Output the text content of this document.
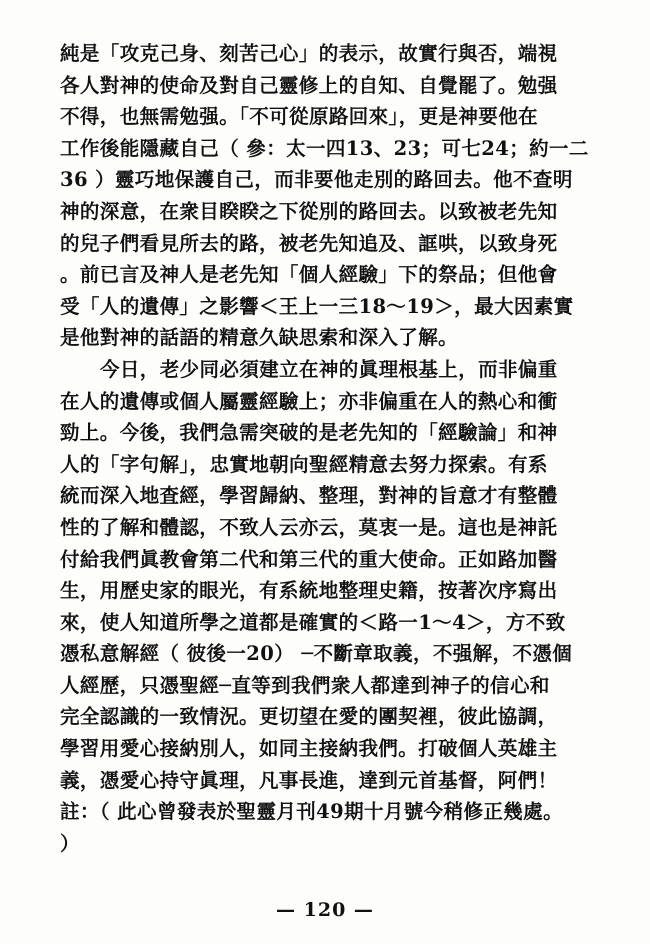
純是「攻克己身、刻苦己心」的表示，故實行與否，端視
各人對神的使命及對自己靈修上的自知、自覺罷了。勉强
不得，也無需勉强。「不可從原路回來」，更是神要他在
工作後能隱藏自己（ 參：太一四13、23；可七24；約一二
36 ）靈巧地保護自己，而非要他走別的路回去。他不查明
神的深意，在衆目睽睽之下從別的路回去。以致被老先知
的兒子們看見所去的路，被老先知追及、誆哄，以致身死
。前已言及神人是老先知「個人經驗」下的祭品；但他會
受「人的遺傳」之影響＜王上一三18～19＞，最大因素實
是他對神的話語的精意久缺思索和深入了解。
今日，老少同必須建立在神的眞理根基上，而非偏重
在人的遺傳或個人屬靈經驗上；亦非偏重在人的熱心和衝
勁上。今後，我們急需突破的是老先知的「經驗論」和神
人的「字句解」，忠實地朝向聖經精意去努力探索。有系
統而深入地査經，學習歸納、整理，對神的旨意才有整體
性的了解和體認，不致人云亦云，莫衷一是。這也是神託
付給我們眞教會第二代和第三代的重大使命。正如路加醫
生，用歷史家的眼光，有系統地整理史籍，按著次序寫出
來，使人知道所學之道都是確實的＜路一1～4＞，方不致
憑私意解經（ 彼後一20） ─不斷章取義，不强解，不憑個
人經歷，只憑聖經─直等到我們衆人都達到神子的信心和
完全認識的一致情況。更切望在愛的團契裡，彼此協調，
學習用愛心接納別人，如同主接納我們。打破個人英雄主
義，憑愛心持守眞理，凡事長進，達到元首基督，阿們！
註：（ 此心曾發表於聖靈月刊49期十月號今稍修正幾處。
）
— 120 —
